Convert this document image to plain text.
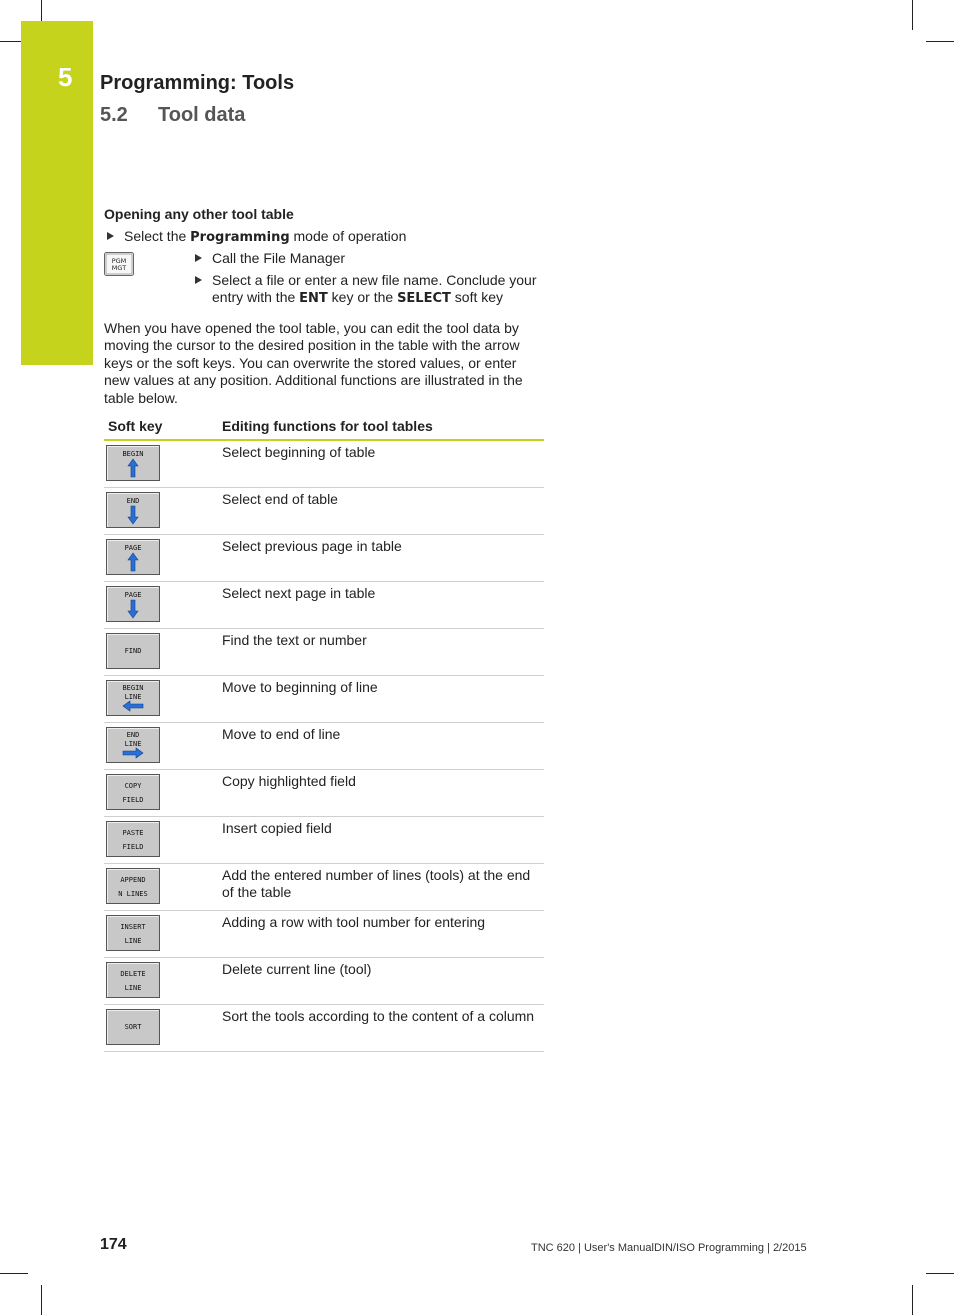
5 Programming: Tools
5.2 Tool data
Opening any other tool table
Select the Programming mode of operation
PGM
MGT
Call the File Manager
Select a file or enter a new file name. Conclude your entry with the ENT key or the SELECT soft key
When you have opened the tool table, you can edit the tool data by moving the cursor to the desired position in the table with the arrow keys or the soft keys. You can overwrite the stored values, or enter new values at any position. Additional functions are illustrated in the table below.
Soft key	Editing functions for tool tables

BEGIN	Select beginning of table

END	Select end of table

PAGE	Select previous page in table

PAGE	Select next page in table

FIND	Find the text or number

BEGIN
LINE	Move to beginning of line

END
LINE	Move to end of line

COPY
FIELD	Copy highlighted field

PASTE
FIELD	Insert copied field

APPEND
N LINES	Add the entered number of lines (tools) at the end of the table

INSERT
LINE	Adding a row with tool number for entering

DELETE
LINE	Delete current line (tool)

SORT	Sort the tools according to the content of a column
174	TNC 620 | User's ManualDIN/ISO Programming | 2/2015
